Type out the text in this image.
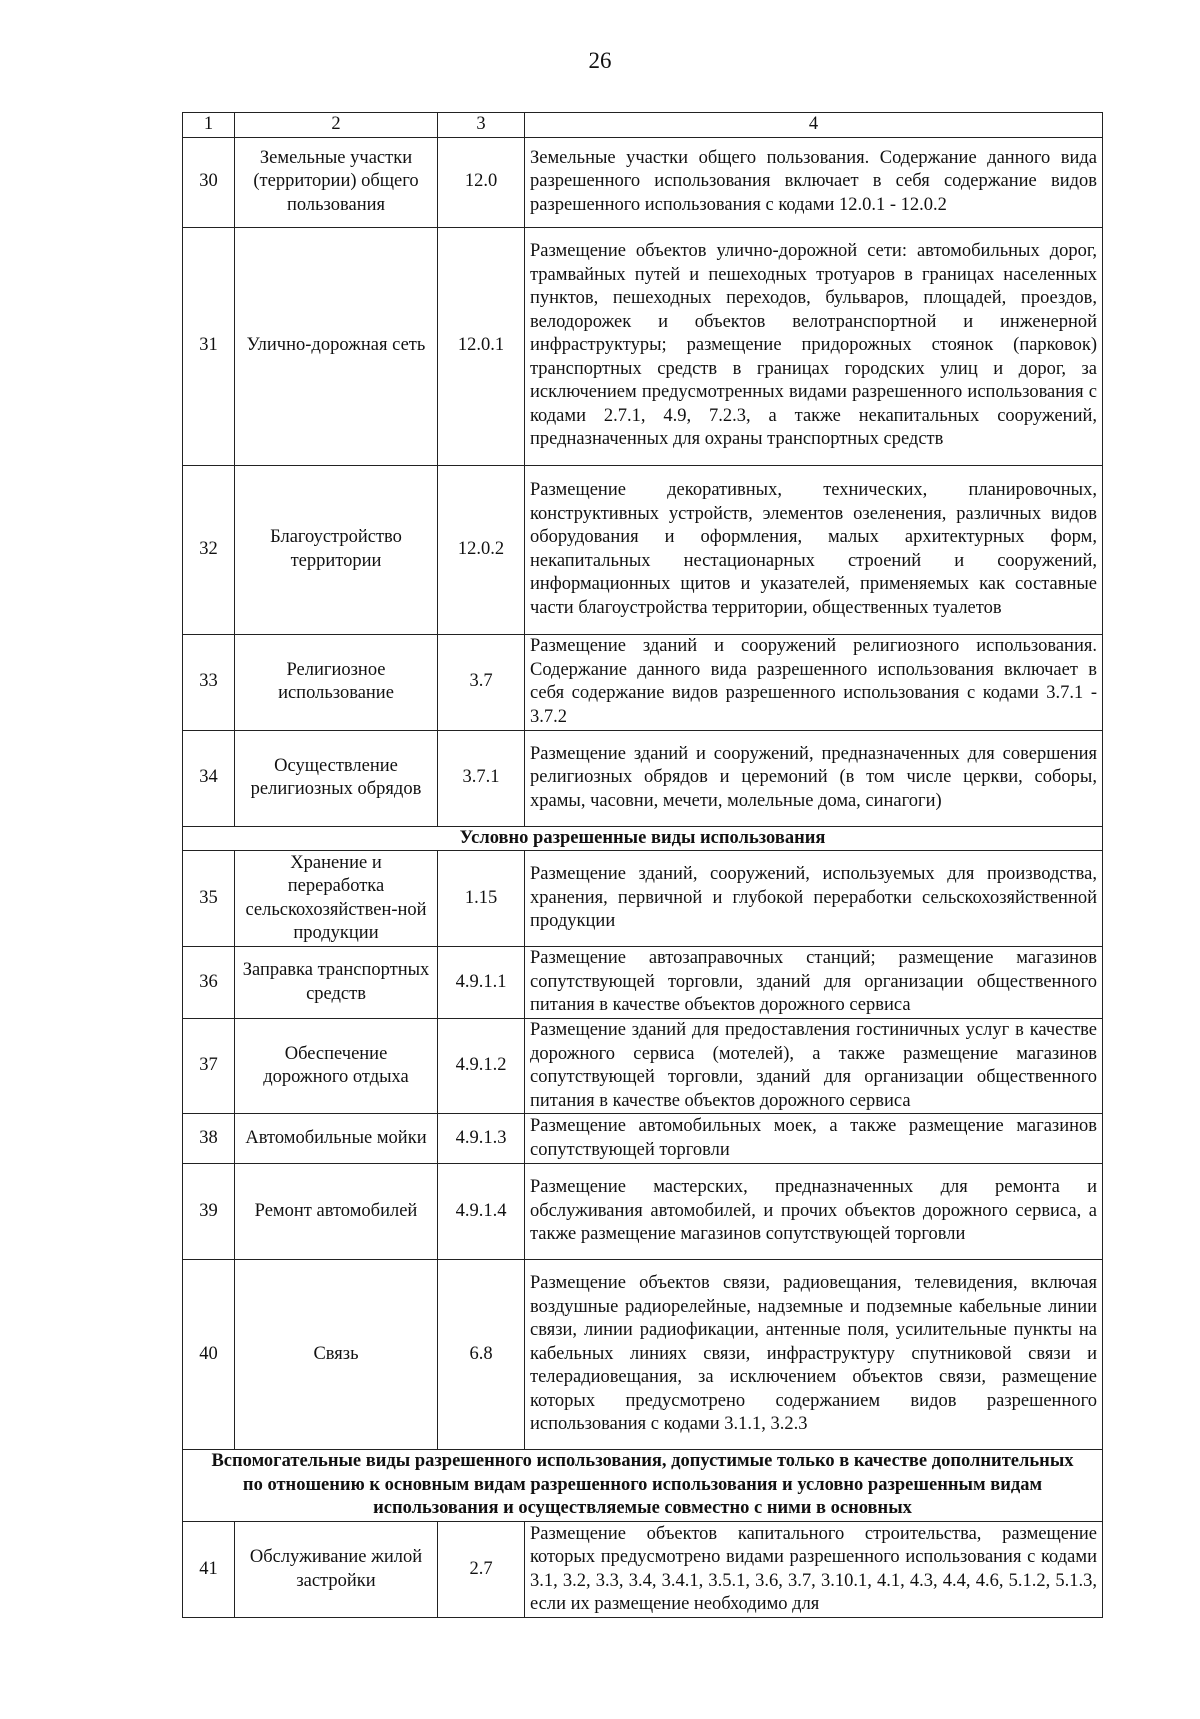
26
1	2	3	4
30	Земельные участки (территории) общего пользования	12.0	Земельные участки общего пользования. Содержание данного вида разрешенного использования включает в себя содержание видов разрешенного использования с кодами 12.0.1 - 12.0.2
31	Улично-дорожная сеть	12.0.1	Размещение объектов улично-дорожной сети: автомобильных дорог, трамвайных путей и пешеходных тротуаров в границах населенных пунктов, пешеходных переходов, бульваров, площадей, проездов, велодорожек и объектов велотранспортной и инженерной инфраструктуры; размещение придорожных стоянок (парковок) транспортных средств в границах городских улиц и дорог, за исключением предусмотренных видами разрешенного использования с кодами 2.7.1, 4.9, 7.2.3, а также некапитальных сооружений, предназначенных для охраны транспортных средств
32	Благоустройство территории	12.0.2	Размещение декоративных, технических, планировочных, конструктивных устройств, элементов озеленения, различных видов оборудования и оформления, малых архитектурных форм, некапитальных нестационарных строений и сооружений, информационных щитов и указателей, применяемых как составные части благоустройства территории, общественных туалетов
33	Религиозное использование	3.7	Размещение зданий и сооружений религиозного использования. Содержание данного вида разрешенного использования включает в себя содержание видов разрешенного использования с кодами 3.7.1 - 3.7.2
34	Осуществление религиозных обрядов	3.7.1	Размещение зданий и сооружений, предназначенных для совершения религиозных обрядов и церемоний (в том числе церкви, соборы, храмы, часовни, мечети, молельные дома, синагоги)
Условно разрешенные виды использования			
35	Хранение и переработка сельскохозяйствен-ной продукции	1.15	Размещение зданий, сооружений, используемых для производства, хранения, первичной и глубокой переработки сельскохозяйственной продукции
36	Заправка транспортных средств	4.9.1.1	Размещение автозаправочных станций; размещение магазинов сопутствующей торговли, зданий для организации общественного питания в качестве объектов дорожного сервиса
37	Обеспечение дорожного отдыха	4.9.1.2	Размещение зданий для предоставления гостиничных услуг в качестве дорожного сервиса (мотелей), а также размещение магазинов сопутствующей торговли, зданий для организации общественного питания в качестве объектов дорожного сервиса
38	Автомобильные мойки	4.9.1.3	Размещение автомобильных моек, а также размещение магазинов сопутствующей торговли
39	Ремонт автомобилей	4.9.1.4	Размещение мастерских, предназначенных для ремонта и обслуживания автомобилей, и прочих объектов дорожного сервиса, а также размещение магазинов сопутствующей торговли
40	Связь	6.8	Размещение объектов связи, радиовещания, телевидения, включая воздушные радиорелейные, надземные и подземные кабельные линии связи, линии радиофикации, антенные поля, усилительные пункты на кабельных линиях связи, инфраструктуру спутниковой связи и телерадиовещания, за исключением объектов связи, размещение которых предусмотрено содержанием видов разрешенного использования с кодами 3.1.1, 3.2.3
Вспомогательные виды разрешенного использования, допустимые только в качестве дополнительных по отношению к основным видам разрешенного использования и условно разрешенным видам использования и осуществляемые совместно с ними в основных			
41	Обслуживание жилой застройки	2.7	Размещение объектов капитального строительства, размещение которых предусмотрено видами разрешенного использования с кодами 3.1, 3.2, 3.3, 3.4, 3.4.1, 3.5.1, 3.6, 3.7, 3.10.1, 4.1, 4.3, 4.4, 4.6, 5.1.2, 5.1.3, если их размещение необходимо для
